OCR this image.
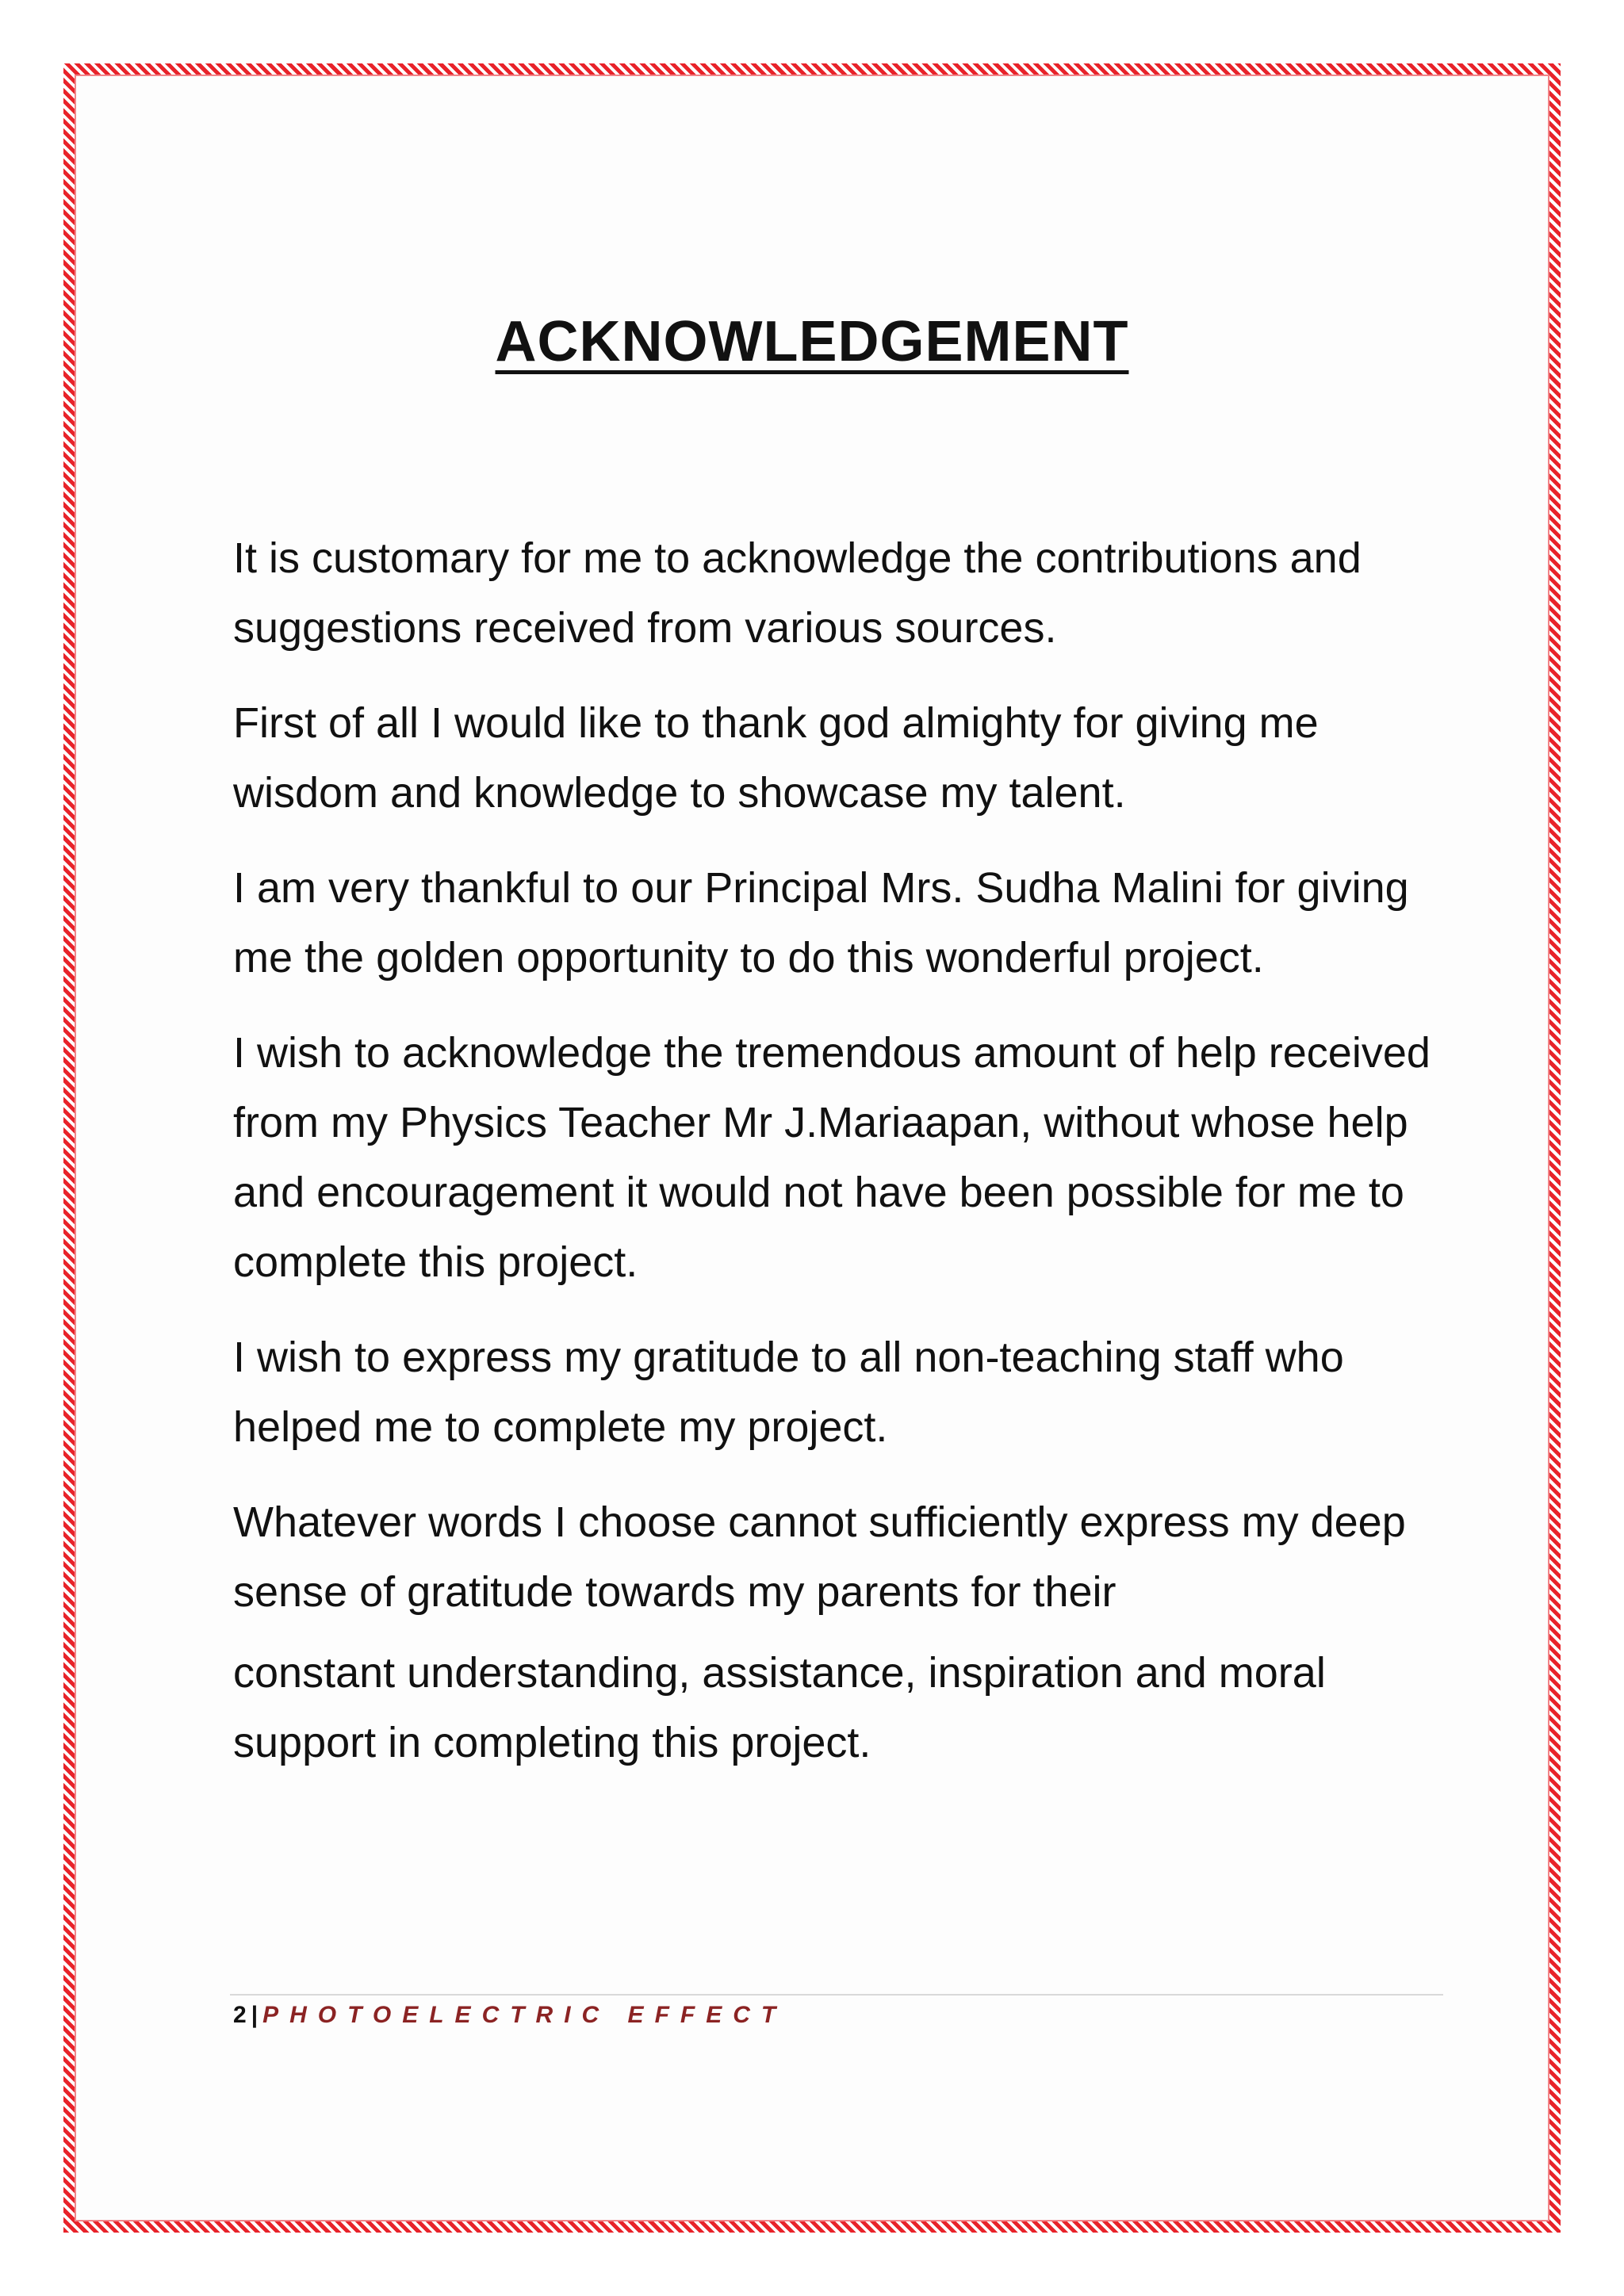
ACKNOWLEDGEMENT

It is customary for me to acknowledge the contributions and suggestions received from various sources.

First of all I would like to thank god almighty for giving me wisdom and knowledge to showcase my talent.

I am very thankful to our Principal Mrs. Sudha Malini for giving me the golden opportunity to do this wonderful project.

I wish to acknowledge the tremendous amount of help received from my Physics Teacher Mr J.Mariaapan, without whose help and encouragement it would not have been possible for me to complete this project.

I wish to express my gratitude to all non-teaching staff who helped me to complete my project.

Whatever words I choose cannot sufficiently express my deep sense of gratitude towards my parents for their

constant understanding, assistance, inspiration and moral support in completing this project.

2 | PHOTOELECTRIC EFFECT
